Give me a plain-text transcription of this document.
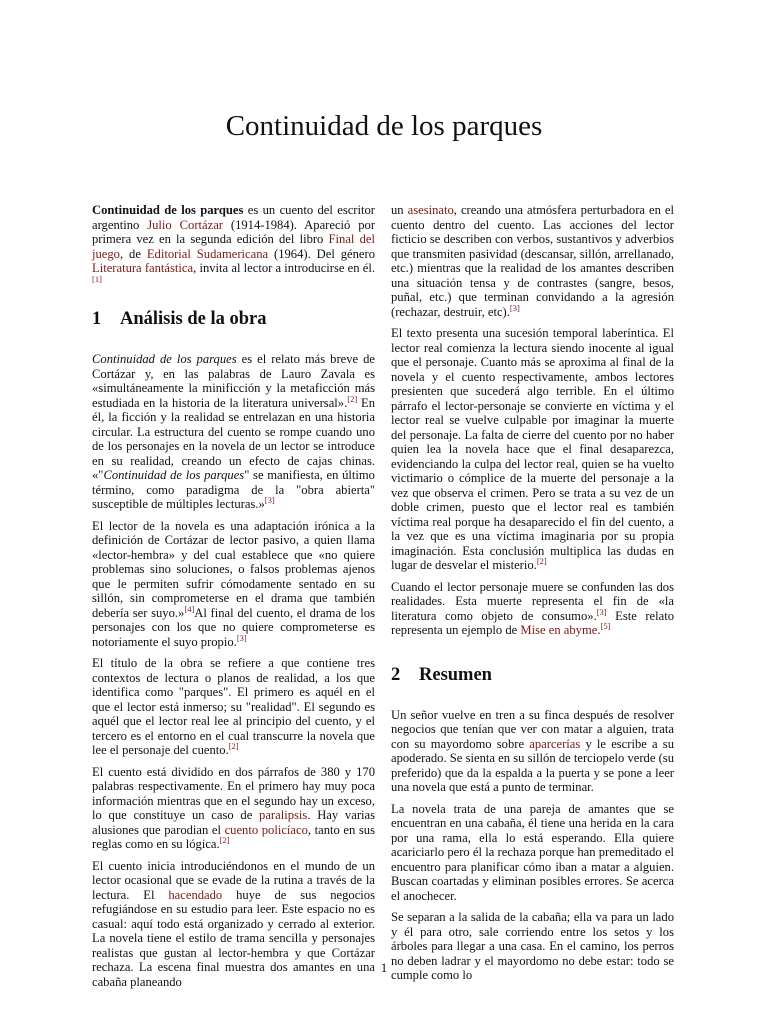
Continuidad de los parques

Continuidad de los parques es un cuento del escritor argentino Julio Cortázar (1914-1984). Apareció por primera vez en la segunda edición del libro Final del juego, de Editorial Sudamericana (1964). Del género Literatura fantástica, invita al lector a introducirse en él.[1]

1 Análisis de la obra

Continuidad de los parques es el relato más breve de Cortázar y, en las palabras de Lauro Zavala es «simultáneamente la minificción y la metaficción más estudiada en la historia de la literatura universal».[2] En él, la ficción y la realidad se entrelazan en una historia circular. La estructura del cuento se rompe cuando uno de los personajes en la novela de un lector se introduce en su realidad, creando un efecto de cajas chinas. «"Continuidad de los parques" se manifiesta, en último término, como paradigma de la "obra abierta" susceptible de múltiples lecturas.»[3]

El lector de la novela es una adaptación irónica a la definición de Cortázar de lector pasivo, a quien llama «lector-hembra» y del cual establece que «no quiere problemas sino soluciones, o falsos problemas ajenos que le permiten sufrir cómodamente sentado en su sillón, sin comprometerse en el drama que también debería ser suyo.»[4]Al final del cuento, el drama de los personajes con los que no quiere comprometerse es notoriamente el suyo propio.[3]

El título de la obra se refiere a que contiene tres contextos de lectura o planos de realidad, a los que identifica como "parques". El primero es aquél en el que el lector está inmerso; su "realidad". El segundo es aquél que el lector real lee al principio del cuento, y el tercero es el entorno en el cual transcurre la novela que lee el personaje del cuento.[2]

El cuento está dividido en dos párrafos de 380 y 170 palabras respectivamente. En el primero hay muy poca información mientras que en el segundo hay un exceso, lo que constituye un caso de paralipsis. Hay varias alusiones que parodian el cuento policíaco, tanto en sus reglas como en su lógica.[2]

El cuento inicia introduciéndonos en el mundo de un lector ocasional que se evade de la rutina a través de la lectura. El hacendado huye de sus negocios refugiándose en su estudio para leer. Este espacio no es casual: aquí todo está organizado y cerrado al exterior. La novela tiene el estilo de trama sencilla y personajes realistas que gustan al lector-hembra y que Cortázar rechaza. La escena final muestra dos amantes en una cabaña planeando

un asesinato, creando una atmósfera perturbadora en el cuento dentro del cuento. Las acciones del lector ficticio se describen con verbos, sustantivos y adverbios que transmiten pasividad (descansar, sillón, arrellanado, etc.) mientras que la realidad de los amantes describen una situación tensa y de contrastes (sangre, besos, puñal, etc.) que terminan convidando a la agresión (rechazar, destruir, etc).[3]

El texto presenta una sucesión temporal laberíntica. El lector real comienza la lectura siendo inocente al igual que el personaje. Cuanto más se aproxima al final de la novela y el cuento respectivamente, ambos lectores presienten que sucederá algo terrible. En el último párrafo el lector-personaje se convierte en víctima y el lector real se vuelve culpable por imaginar la muerte del personaje. La falta de cierre del cuento por no haber quien lea la novela hace que el final desaparezca, evidenciando la culpa del lector real, quien se ha vuelto victimario o cómplice de la muerte del personaje a la vez que observa el crimen. Pero se trata a su vez de un doble crimen, puesto que el lector real es también víctima real porque ha desaparecido el fin del cuento, a la vez que es una víctima imaginaria por su propia imaginación. Esta conclusión multiplica las dudas en lugar de desvelar el misterio.[2]

Cuando el lector personaje muere se confunden las dos realidades. Esta muerte representa el fin de «la literatura como objeto de consumo».[3] Este relato representa un ejemplo de Mise en abyme.[5]

2 Resumen

Un señor vuelve en tren a su finca después de resolver negocios que tenían que ver con matar a alguien, trata con su mayordomo sobre aparcerías y le escribe a su apoderado. Se sienta en su sillón de terciopelo verde (su preferido) que da la espalda a la puerta y se pone a leer una novela que está a punto de terminar.

La novela trata de una pareja de amantes que se encuentran en una cabaña, él tiene una herida en la cara por una rama, ella lo está esperando. Ella quiere acariciarlo pero él la rechaza porque han premeditado el encuentro para planificar cómo iban a matar a alguien. Buscan coartadas y eliminan posibles errores. Se acerca el anochecer.

Se separan a la salida de la cabaña; ella va para un lado y él para otro, sale corriendo entre los setos y los árboles para llegar a una casa. En el camino, los perros no deben ladrar y el mayordomo no debe estar: todo se cumple como lo

1
